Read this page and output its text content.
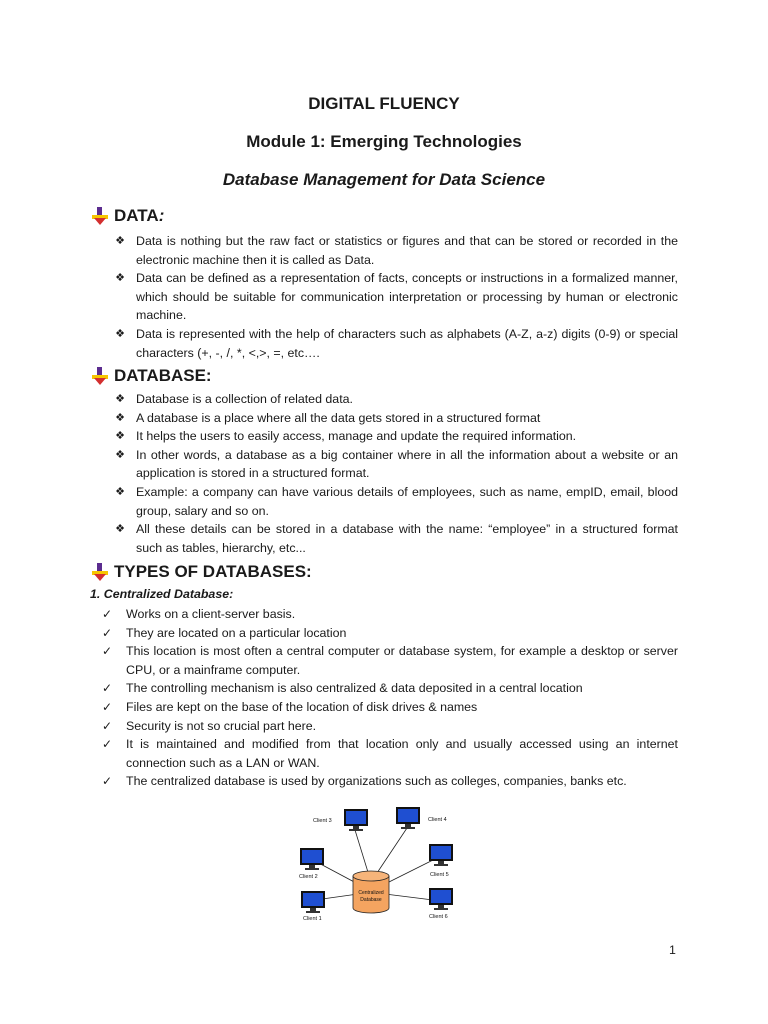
DIGITAL FLUENCY
Module 1: Emerging Technologies
Database Management for Data Science
DATA :
❖ Data is nothing but the raw fact or statistics or figures and that can be stored or recorded in the electronic machine then it is called as Data.
❖ Data can be defined as a representation of facts, concepts or instructions in a formalized manner, which should be suitable for communication interpretation or processing by human or electronic machine.
❖ Data is represented with the help of characters such as alphabets (A-Z, a-z) digits (0-9) or special characters (+, -, /, *, <,>, =, etc….
DATABASE:
❖ Database is a collection of related data.
❖ A database is a place where all the data gets stored in a structured format
❖ It helps the users to easily access, manage and update the required information.
❖ In other words, a database as a big container where in all the information about a website or an application is stored in a structured format.
❖ Example: a company can have various details of employees, such as name, empID, email, blood group, salary and so on.
❖ All these details can be stored in a database with the name: “employee” in a structured format such as tables, hierarchy, etc...
TYPES OF DATABASES:
1. Centralized Database:
✓	Works on a client-server basis.
✓	They are located on a particular location
✓	This location is most often a central computer or database system, for example a desktop or server CPU, or a mainframe computer.
✓	The controlling mechanism is also centralized & data deposited in a central location
✓	Files are kept on the base of the location of disk drives & names
✓	Security is not so crucial part here.
✓	It is maintained and modified from that location only and usually accessed using an internet connection such as a LAN or WAN.
✓	The centralized database is used by organizations such as colleges, companies, banks etc.
Centralized
Database
Client 3	Client 4
Client 2	Client 5
Client 1	Client 6
1
